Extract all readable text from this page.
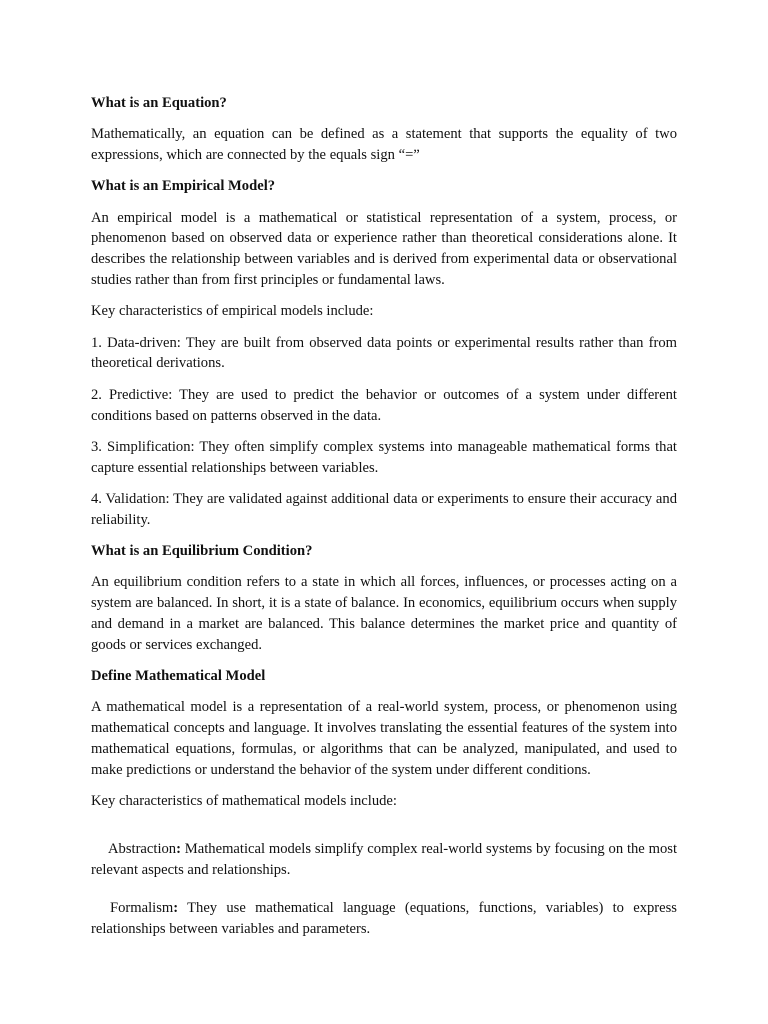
What is an Equation?
Mathematically, an equation can be defined as a statement that supports the equality of two expressions, which are connected by the equals sign “=”
What is an Empirical Model?
An empirical model is a mathematical or statistical representation of a system, process, or phenomenon based on observed data or experience rather than theoretical considerations alone. It describes the relationship between variables and is derived from experimental data or observational studies rather than from first principles or fundamental laws.
Key characteristics of empirical models include:
1. Data-driven: They are built from observed data points or experimental results rather than from theoretical derivations.
2. Predictive: They are used to predict the behavior or outcomes of a system under different conditions based on patterns observed in the data.
3. Simplification: They often simplify complex systems into manageable mathematical forms that capture essential relationships between variables.
4. Validation: They are validated against additional data or experiments to ensure their accuracy and reliability.
What is an Equilibrium Condition?
An equilibrium condition refers to a state in which all forces, influences, or processes acting on a system are balanced. In short, it is a state of balance. In economics, equilibrium occurs when supply and demand in a market are balanced. This balance determines the market price and quantity of goods or services exchanged.
Define Mathematical Model
A mathematical model is a representation of a real-world system, process, or phenomenon using mathematical concepts and language. It involves translating the essential features of the system into mathematical equations, formulas, or algorithms that can be analyzed, manipulated, and used to make predictions or understand the behavior of the system under different conditions.
Key characteristics of mathematical models include:
Abstraction: Mathematical models simplify complex real-world systems by focusing on the most relevant aspects and relationships.
Formalism: They use mathematical language (equations, functions, variables) to express relationships between variables and parameters.
